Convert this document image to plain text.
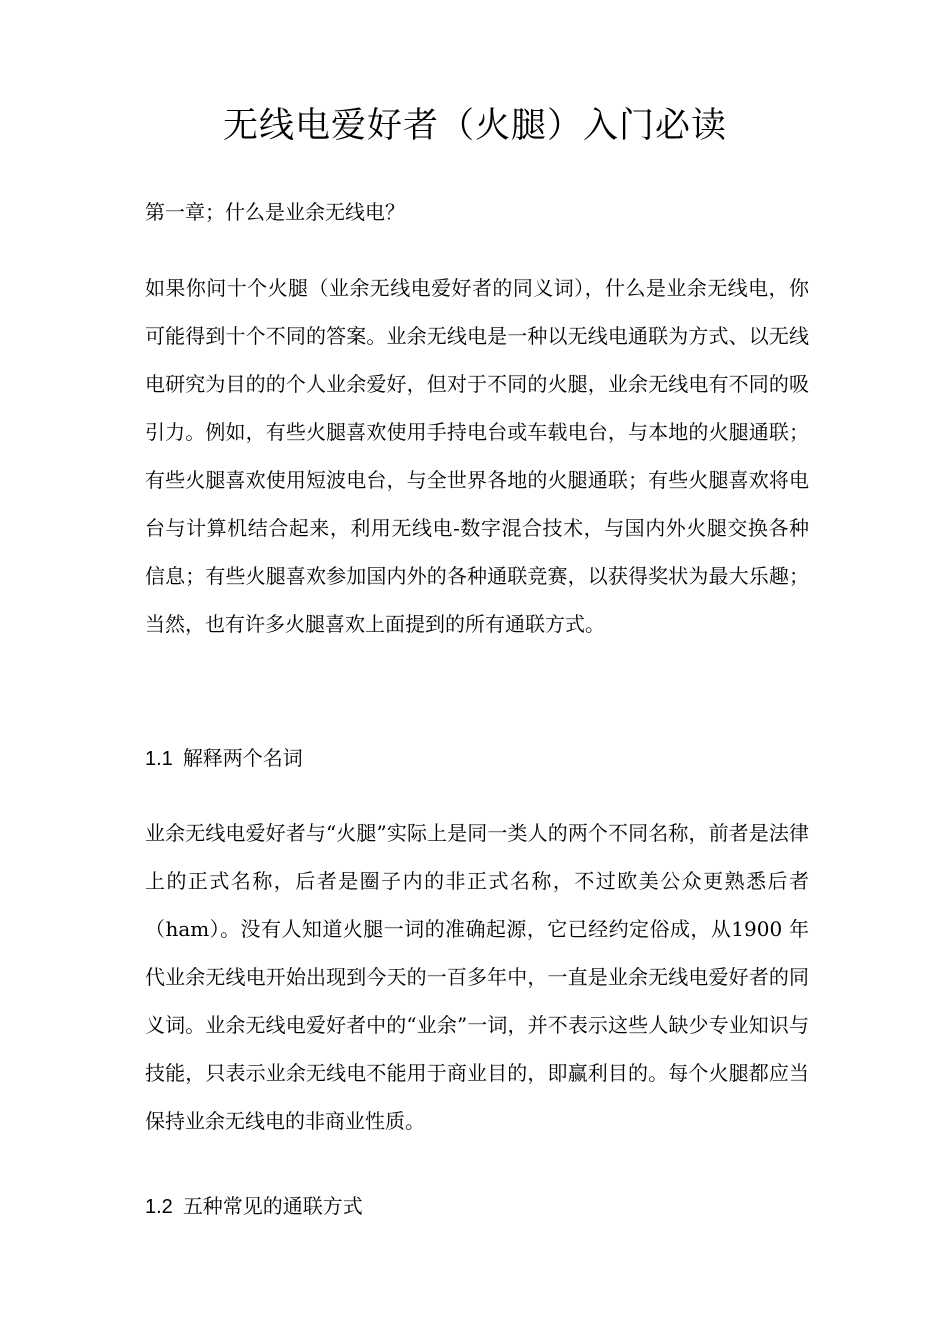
无线电爱好者（火腿）入门必读
第一章；什么是业余无线电？

如果你问十个火腿（业余无线电爱好者的同义词），什么是业余无线电，你可能得到十个不同的答案。业余无线电是一种以无线电通联为方式、以无线电研究为目的的个人业余爱好，但对于不同的火腿，业余无线电有不同的吸引力。例如，有些火腿喜欢使用手持电台或车载电台，与本地的火腿通联；有些火腿喜欢使用短波电台，与全世界各地的火腿通联；有些火腿喜欢将电台与计算机结合起来，利用无线电-数字混合技术，与国内外火腿交换各种信息；有些火腿喜欢参加国内外的各种通联竞赛，以获得奖状为最大乐趣；当然，也有许多火腿喜欢上面提到的所有通联方式。

1.1 解释两个名词

业余无线电爱好者与“火腿”实际上是同一类人的两个不同名称，前者是法律上的正式名称，后者是圈子内的非正式名称，不过欧美公众更熟悉后者（ham）。没有人知道火腿一词的准确起源，它已经约定俗成，从1900 年代业余无线电开始出现到今天的一百多年中，一直是业余无线电爱好者的同义词。业余无线电爱好者中的“业余”一词，并不表示这些人缺少专业知识与技能，只表示业余无线电不能用于商业目的，即赢利目的。每个火腿都应当保持业余无线电的非商业性质。

1.2 五种常见的通联方式
